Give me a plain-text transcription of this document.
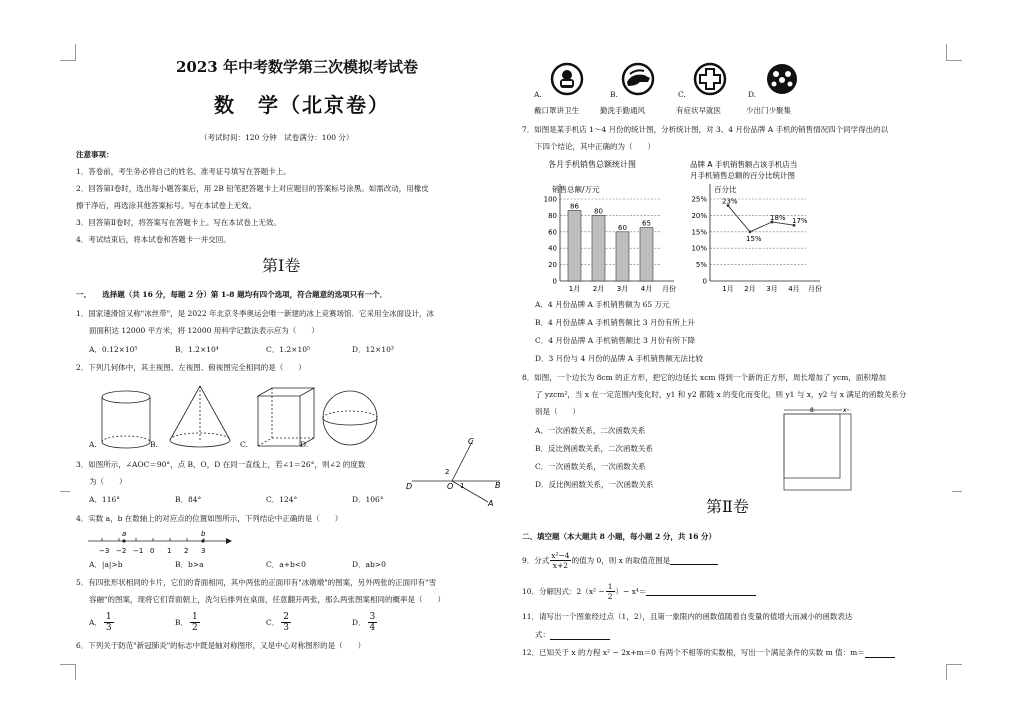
2023 年中考数学第三次模拟考试卷
数　学（北京卷）
（考试时间：120 分钟　试卷满分：100 分）
注意事项：
1．答卷前，考生务必将自己的姓名、准考证号填写在答题卡上。
2．回答第Ⅰ卷时，选出每小题答案后，用 2B 铅笔把答题卡上对应题目的答案标号涂黑。如需改动，用橡皮
擦干净后，再选涂其他答案标号。写在本试卷上无效。
3．回答第Ⅱ卷时，将答案写在答题卡上。写在本试卷上无效。
4．考试结束后，将本试卷和答题卡一并交回。
第Ⅰ卷
一、　　选择题（共 16 分，每题 2 分）第 1-8 题均有四个选项，符合题意的选项只有一个．
1．国家速滑馆又称"冰丝带"，是 2022 年北京冬季奥运会唯一新建的冰上竞赛场馆．它采用全冰面设计，冰
面面积达 12000 平方米，将 12000 用科学记数法表示应为（　　）
A．0.12×10⁵	B．1.2×10⁴	C．1.2×10⁵	D．12×10³
2．下列几何体中，其主视图、左视图、俯视图完全相同的是（　　）
A.	B.	C.	D.
3．如图所示，∠AOC＝90°，点 B，O，D 在同一直线上，若∠1＝26°，则∠2 的度数
为（　　）
C
2
1
D	O	B
A
A．116°	B．84°	C．124°	D．106°
4．实数 a，b 在数轴上的对应点的位置如图所示，下列结论中正确的是（　　）
−3 −2 −1 0 1 2 3
a	b
A．|a|>b	B．b>a	C．a+b<0	D．ab>0
5．有四张形状相同的卡片，它们的背面相同，其中两张的正面印有"冰墩墩"的图案，另外两张的正面印有"雪
容融"的图案，现将它们背面朝上，洗匀后排列在桌面，任意翻开两张，那么两张图案相同的概率是（　　）
A．
1
3
B．
1
2
C．
2
3
D．
3
4
6．下列关于防范"新冠肺炎"的标志中既是轴对称图形，又是中心对称图形的是（　　）
A.	B.	C.	D.
戴口罩讲卫生	勤洗手勤通风	有症状早就医	少出门少聚集
7．如图是某手机店 1～4 月份的统计图，分析统计图，对 3、4 月份品牌 A 手机的销售情况四个同学得出的以
下四个结论，其中正确的为（　　）
各月手机销售总额统计图
销售总额/万元
0
20
40
60
80
100
86
1月
80
2月
60
3月
65
4月 月份
品牌 A 手机销售额占该手机店当
月手机销售总额的百分比统计图
百分比
0
5%
10%
15%
20%
25% 23%
1月
15%
2月
18%
3月
17%
4月 月份
A．4 月份品牌 A 手机销售额为 65 万元
B．4 月份品牌 A 手机销售额比 3 月份有所上升
C．4 月份品牌 A 手机销售额比 3 月份有所下降
D．3 月份与 4 月份的品牌 A 手机销售额无法比较
8．如图，一个边长为 8cm 的正方形，把它的边延长 xcm 得到一个新的正方形，周长增加了 ycm，面积增加
了 yzcm²，当 x 在一定范围内变化时，y1 和 y2 都随 x 的变化而变化，则 y1 与 x，y2 与 x 满足的函数关系分
别是（　　）
A．一次函数关系，二次函数关系
B．反比例函数关系，二次函数关系
C．一次函数关系，一次函数关系
D．反比例函数关系，一次函数关系
8	x
第Ⅱ卷
二、填空题（本大题共 8 小题，每小题 2 分，共 16 分）
9．分式
x²−4
x+2
的值为 0，则 x 的取值范围是
10．分解因式：$2(x^2 - \frac{1}{2}$ ）− x⁴＝
11．请写出一个图象经过点（1，2），且第一象限内的函数值随着自变量的值增大而减小的函数表达
式：
12．已知关于 x 的方程 x² − 2x+m＝0 有两个不相等的实数根，写出一个满足条件的实数 m 值：m＝
